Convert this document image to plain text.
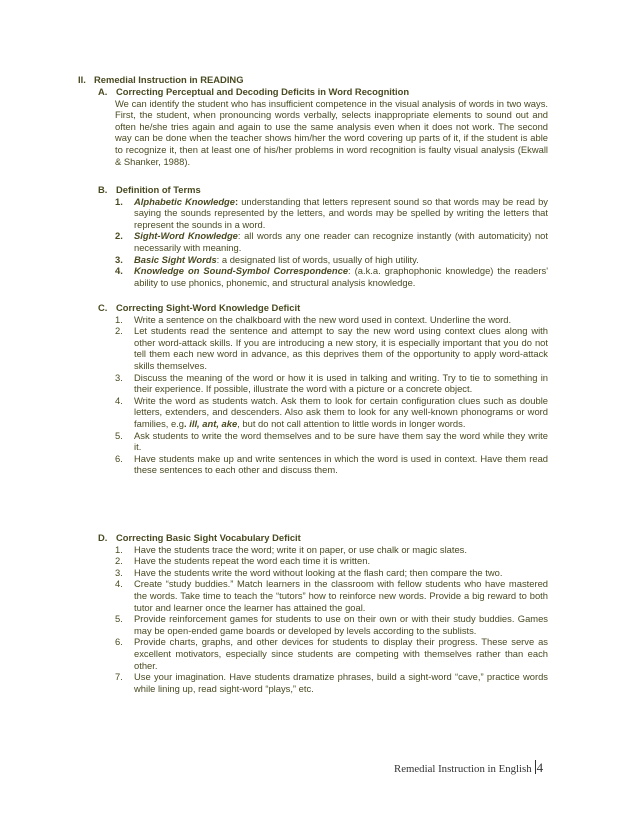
II. Remedial Instruction in READING
A. Correcting Perceptual and Decoding Deficits in Word Recognition
We can identify the student who has insufficient competence in the visual analysis of words in two ways. First, the student, when pronouncing words verbally, selects inappropriate elements to sound out and often he/she tries again and again to use the same analysis even when it does not work. The second way can be done when the teacher shows him/her the word covering up parts of it, if the student is able to recognize it, then at least one of his/her problems in word recognition is faulty visual analysis (Ekwall & Shanker, 1988).
B. Definition of Terms
1. Alphabetic Knowledge: understanding that letters represent sound so that words may be read by saying the sounds represented by the letters, and words may be spelled by writing the letters that represent the sounds in a word.
2. Sight-Word Knowledge: all words any one reader can recognize instantly (with automaticity) not necessarily with meaning.
3. Basic Sight Words: a designated list of words, usually of high utility.
4. Knowledge on Sound-Symbol Correspondence: (a.k.a. graphophonic knowledge) the readers' ability to use phonics, phonemic, and structural analysis knowledge.
C. Correcting Sight-Word Knowledge Deficit
1. Write a sentence on the chalkboard with the new word used in context. Underline the word.
2. Let students read the sentence and attempt to say the new word using context clues along with other word-attack skills. If you are introducing a new story, it is especially important that you do not tell them each new word in advance, as this deprives them of the opportunity to apply word-attack skills themselves.
3. Discuss the meaning of the word or how it is used in talking and writing. Try to tie to something in their experience. If possible, illustrate the word with a picture or a concrete object.
4. Write the word as students watch. Ask them to look for certain configuration clues such as double letters, extenders, and descenders. Also ask them to look for any well-known phonograms or word families, e.g. ill, ant, ake, but do not call attention to little words in longer words.
5. Ask students to write the word themselves and to be sure have them say the word while they write it.
6. Have students make up and write sentences in which the word is used in context. Have them read these sentences to each other and discuss them.
D. Correcting Basic Sight Vocabulary Deficit
1. Have the students trace the word; write it on paper, or use chalk or magic slates.
2. Have the students repeat the word each time it is written.
3. Have the students write the word without looking at the flash card; then compare the two.
4. Create “study buddies.” Match learners in the classroom with fellow students who have mastered the words. Take time to teach the “tutors” how to reinforce new words. Provide a big reward to both tutor and learner once the learner has attained the goal.
5. Provide reinforcement games for students to use on their own or with their study buddies. Games may be open-ended game boards or developed by levels according to the sublists.
6. Provide charts, graphs, and other devices for students to display their progress. These serve as excellent motivators, especially since students are competing with themselves rather than each other.
7. Use your imagination. Have students dramatize phrases, build a sight-word “cave,” practice words while lining up, read sight-word “plays,” etc.
Remedial Instruction in English 4
